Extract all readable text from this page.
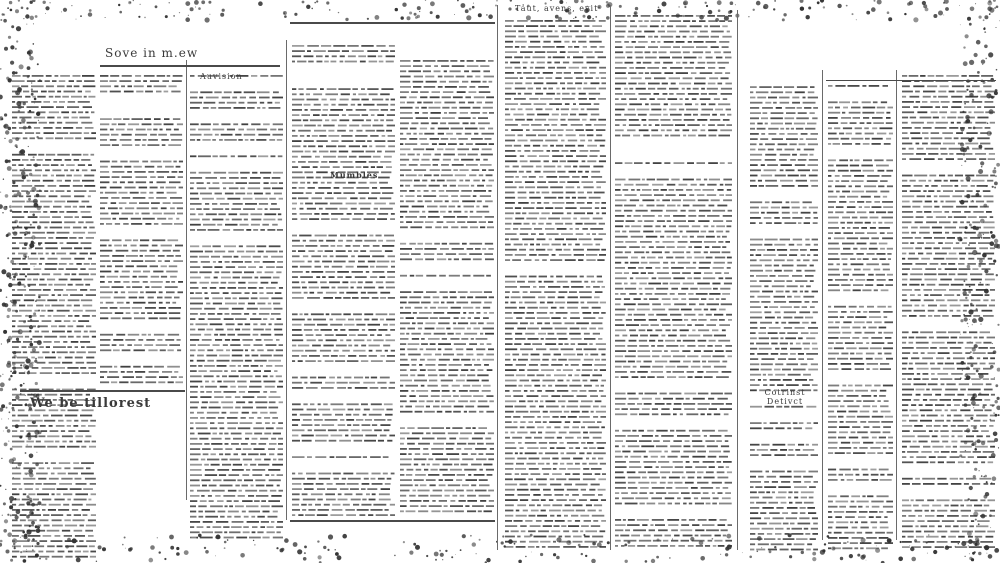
Sove in m.ew
We be tillorest
Auvision
Mumbles
Taut, avens, evit
Cotrinst Detivct
